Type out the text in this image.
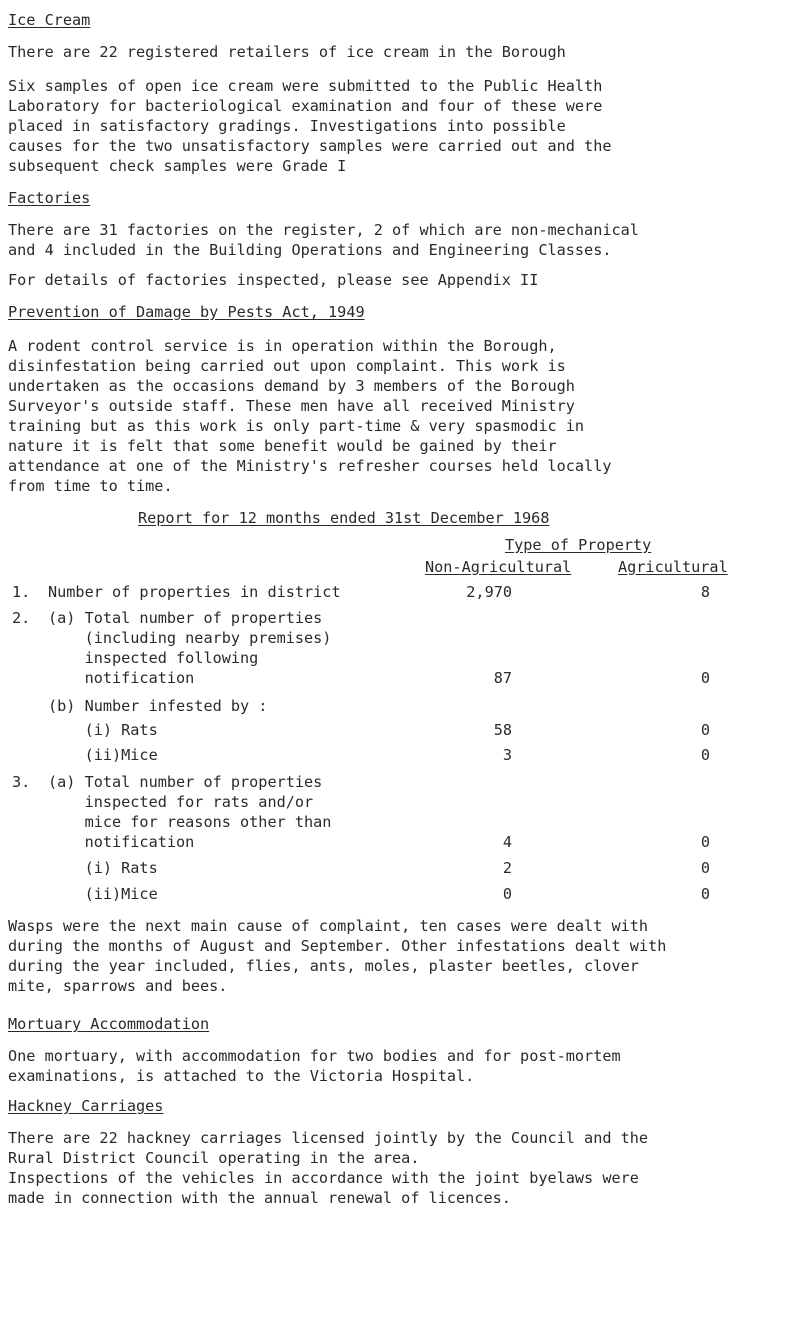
Ice Cream
There are 22 registered retailers of ice cream in the Borough
Six samples of open ice cream were submitted to the Public Health
Laboratory for bacteriological examination and four of these were
placed in satisfactory gradings. Investigations into possible
causes for the two unsatisfactory samples were carried out and the
subsequent check samples were Grade I
Factories
There are 31 factories on the register, 2 of which are non-mechanical
and 4 included in the Building Operations and Engineering Classes.
For details of factories inspected, please see Appendix II
Prevention of Damage by Pests Act, 1949
A rodent control service is in operation within the Borough,
disinfestation being carried out upon complaint. This work is
undertaken as the occasions demand by 3 members of the Borough
Surveyor's outside staff. These men have all received Ministry
training but as this work is only part-time & very spasmodic in
nature it is felt that some benefit would be gained by their
attendance at one of the Ministry's refresher courses held locally
from time to time.
Report for 12 months ended 31st December 1968
Type of Property
Non-Agricultural	Agricultural
1. Number of properties in district	2,970	8
2. (a) Total number of properties
(including nearby premises)
inspected following
notification	87	0
(b) Number infested by :
(i) Rats	58	0
(ii)Mice	3	0
3. (a) Total number of properties
inspected for rats and/or
mice for reasons other than
notification	4	0
(i) Rats	2	0
(ii)Mice	0	0
Wasps were the next main cause of complaint, ten cases were dealt with
during the months of August and September. Other infestations dealt with
during the year included, flies, ants, moles, plaster beetles, clover
mite, sparrows and bees.
Mortuary Accommodation
One mortuary, with accommodation for two bodies and for post-mortem
examinations, is attached to the Victoria Hospital.
Hackney Carriages
There are 22 hackney carriages licensed jointly by the Council and the
Rural District Council operating in the area.
Inspections of the vehicles in accordance with the joint byelaws were
made in connection with the annual renewal of licences.
